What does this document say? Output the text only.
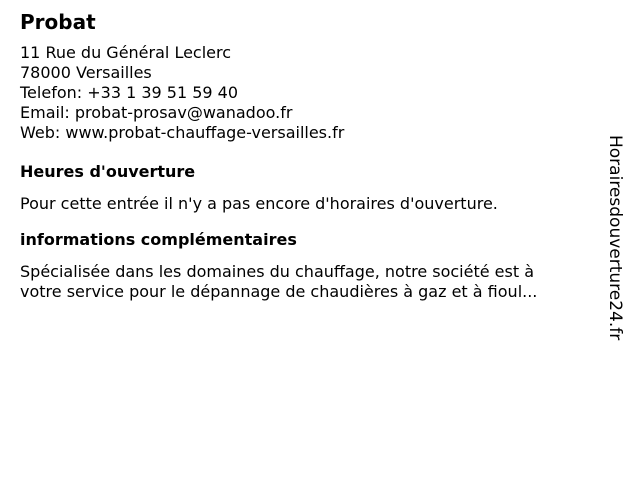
Probat
11 Rue du Général Leclerc
78000 Versailles
Telefon: +33 1 39 51 59 40
Email: probat-prosav@wanadoo.fr
Web: www.probat-chauffage-versailles.fr
Heures d'ouverture
Pour cette entrée il n'y a pas encore d'horaires d'ouverture.
informations complémentaires
Spécialisée dans les domaines du chauffage, notre société est à
votre service pour le dépannage de chaudières à gaz et à fioul...	Horairesdouverture24.fr
